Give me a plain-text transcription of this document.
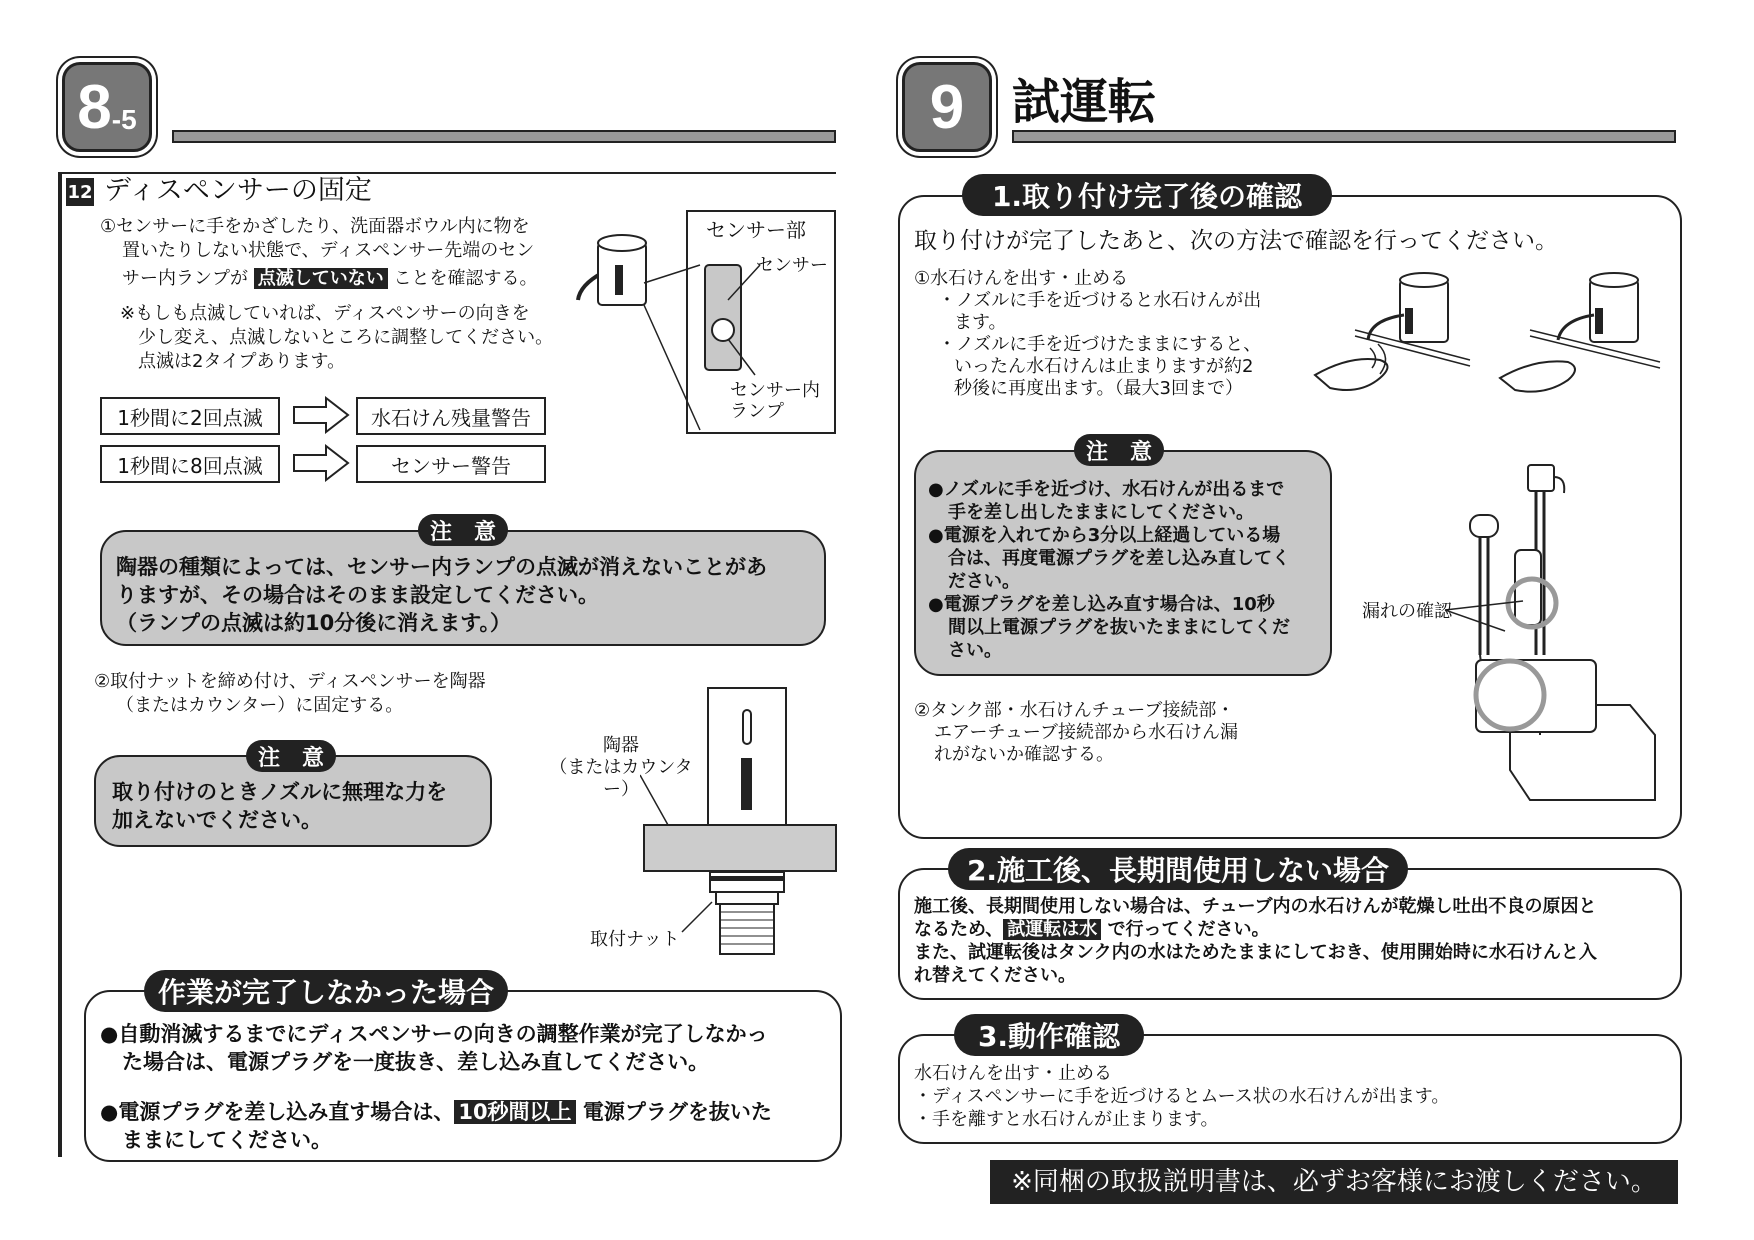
8 -5
12 ディスペンサーの固定
①センサーに手をかざしたり、洗面器ボウル内に物を
置いたりしない状態で、ディスペンサー先端のセン
サー内ランプが 点滅していない ことを確認する。
※もしも点滅していれば、ディスペンサーの向きを
少し変え、点滅しないところに調整してください。
点滅は2タイプあります。
センサー部
センサー
センサー内
ランプ
1秒間に2回点滅	水石けん残量警告
1秒間に8回点滅	センサー警告
注　意
陶器の種類によっては、センサー内ランプの点滅が消えないことがあ
りますが、その場合はそのまま設定してください。
（ランプの点滅は約10分後に消えます。）
②取付ナットを締め付け、ディスペンサーを陶器
（またはカウンター）に固定する。
注　意
取り付けのときノズルに無理な力を
加えないでください。
陶器
（またはカウンター）
取付ナット
作業が完了しなかった場合
●自動消滅するまでにディスペンサーの向きの調整作業が完了しなかっ
た場合は、電源プラグを一度抜き、差し込み直してください。
●電源プラグを差し込み直す場合は、 10秒間以上 電源プラグを抜いた
ままにしてください。
9 試運転
1.取り付け完了後の確認
取り付けが完了したあと、次の方法で確認を行ってください。
①水石けんを出す・止める
・ノズルに手を近づけると水石けんが出
ます。
・ノズルに手を近づけたままにすると、
いったん水石けんは止まりますが約2
秒後に再度出ます。（最大3回まで）
注　意
●ノズルに手を近づけ、水石けんが出るまで
手を差し出したままにしてください。
●電源を入れてから3分以上経過している場
合は、再度電源プラグを差し込み直してく
ださい。
●電源プラグを差し込み直す場合は、10秒
間以上電源プラグを抜いたままにしてくだ
さい。
漏れの確認
②タンク部・水石けんチューブ接続部・
エアーチューブ接続部から水石けん漏
れがないか確認する。
2.施工後、長期間使用しない場合
施工後、長期間使用しない場合は、チューブ内の水石けんが乾燥し吐出不良の原因と
なるため、 試運転は水 で行ってください。
また、試運転後はタンク内の水はためたままにしておき、使用開始時に水石けんと入
れ替えてください。
3.動作確認
水石けんを出す・止める
・ディスペンサーに手を近づけるとムース状の水石けんが出ます。
・手を離すと水石けんが止まります。
※同梱の取扱説明書は、必ずお客様にお渡しください。
